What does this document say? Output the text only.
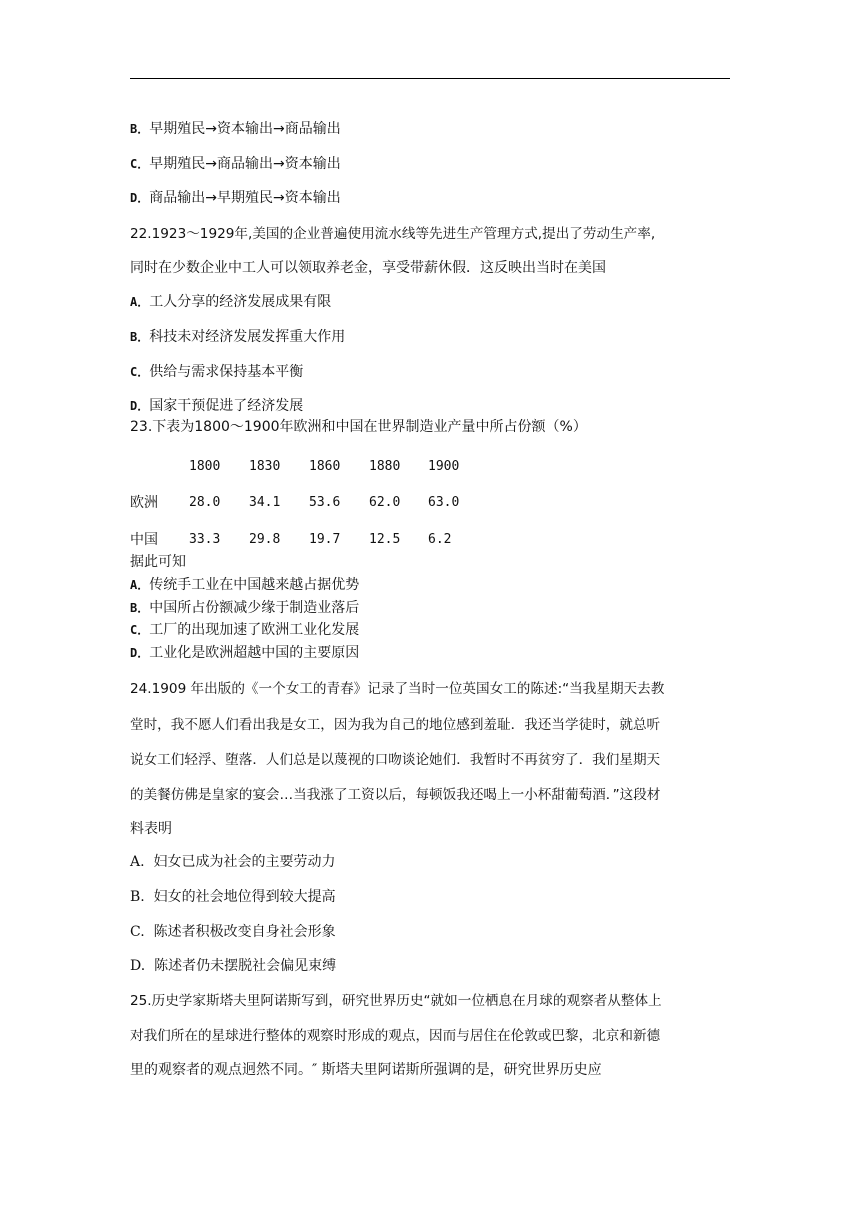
B．早期殖民→资本输出→商品输出
C．早期殖民→商品输出→资本输出
D．商品输出→早期殖民→资本输出
22.1923～1929年,美国的企业普遍使用流水线等先进生产管理方式,提出了劳动生产率,
同时在少数企业中工人可以领取养老金，享受带薪休假．这反映出当时在美国
A．工人分享的经济发展成果有限
B．科技未对经济发展发挥重大作用
C．供给与需求保持基本平衡
D．国家干预促进了经济发展
23.下表为1800～1900年欧洲和中国在世界制造业产量中所占份额（%）
1800 1830 1860 1880 1900
欧洲 28.0 34.1 53.6 62.0 63.0
中国 33.3 29.8 19.7 12.5 6.2
据此可知
A．传统手工业在中国越来越占据优势
B．中国所占份额减少缘于制造业落后
C．工厂的出现加速了欧洲工业化发展
D．工业化是欧洲超越中国的主要原因
24.1909 年出版的《一个女工的青春》记录了当时一位英国女工的陈述:“当我星期天去教
堂时，我不愿人们看出我是女工，因为我为自己的地位感到羞耻．我还当学徒时，就总听
说女工们轻浮、堕落．人们总是以蔑视的口吻谈论她们．我暂时不再贫穷了．我们星期天
的美餐仿佛是皇家的宴会…当我涨了工资以后，每顿饭我还喝上一小杯甜葡萄酒．”这段材
料表明
A. 妇女已成为社会的主要劳动力
B. 妇女的社会地位得到较大提高
C. 陈述者积极改变自身社会形象
D. 陈述者仍未摆脱社会偏见束缚
25.历史学家斯塔夫里阿诺斯写到，研究世界历史“就如一位栖息在月球的观察者从整体上
对我们所在的星球进行整体的观察时形成的观点，因而与居住在伦敦或巴黎，北京和新德
里的观察者的观点迥然不同。″ 斯塔夫里阿诺斯所强调的是，研究世界历史应
